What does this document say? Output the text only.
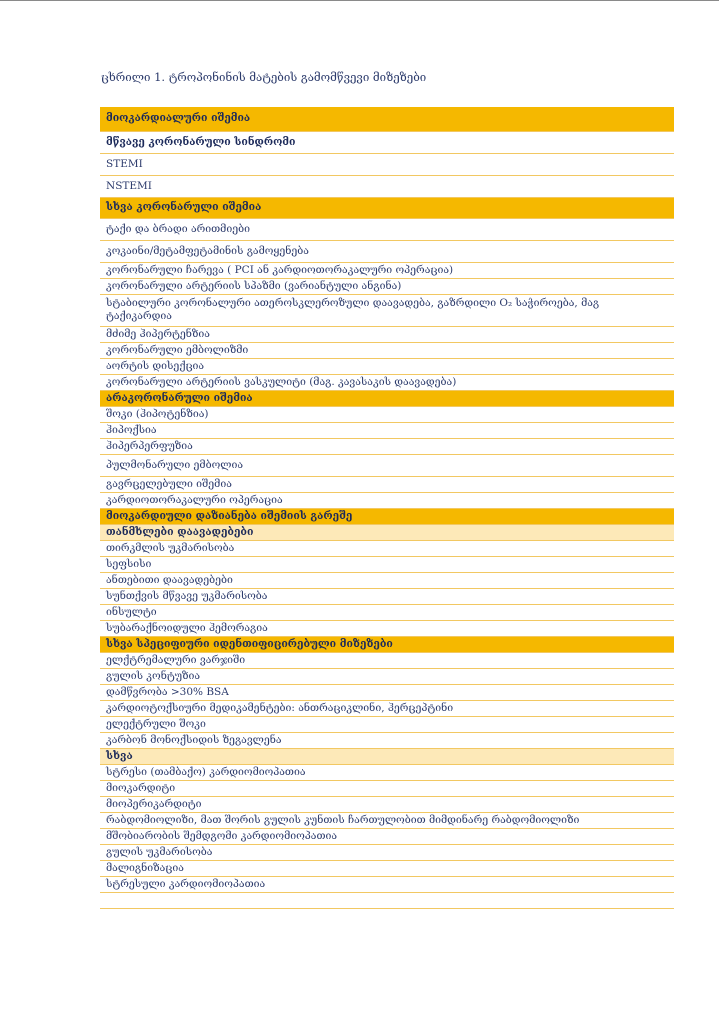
ცხრილი 1. ტროპონინის მატების გამომწვევი მიზეზები
მიოკარდიალური იშემია
მწვავე კორონარული სინდრომი
STEMI
NSTEMI
სხვა კორონარული იშემია
ტაქი და ბრადი არითმიები
კოკაინი/მეტამფეტამინის გამოყენება
კორონარული ჩარევა ( PCI ან კარდიოთორაკალური ოპერაცია)
კორონარული არტერიის სპაზმი (ვარიანტული ანგინა)
სტაბილური კორონალური ათეროსკლეროზული დაავადება, გაზრდილი O₂ საჭიროება, მაგ ტაქიკარდია
მძიმე ჰიპერტენზია
კორონარული ემბოლიზმი
აორტის დისექცია
კორონარული არტერიის ვასკულიტი (მაგ. კავასაკის დაავადება)
არაკორონარული იშემია
შოკი (ჰიპოტენზია)
ჰიპოქსია
ჰიპერპერფუზია
პულმონარული ემბოლია
გავრცელებული იშემია
კარდიოთორაკალური ოპერაცია
მიოკარდიული დაზიანება იშემიის გარეშე
თანმხლები დაავადებები
თირკმლის უკმარისობა
სეფსისი
ანთებითი დაავადებები
სუნთქვის მწვავე უკმარისობა
ინსულტი
სუბარაქნოიდული ჰემორაგია
სხვა სპეციფიური იდენთიფიცირებული მიზეზები
ელქტრემალური ვარჯიში
გულის კონტუზია
დამწვრობა >30% BSA
კარდიოტოქსიური მედიკამენტები: ანთრაციკლინი, ჰერცეპტინი
ელექტრული შოკი
კარბონ მონოქსიდის ზეგავლენა
სხვა
სტრესი (თამბაქო) კარდიომიოპათია
მიოკარდიტი
მიოპერიკარდიტი
რაბდომიოლიზი, მათ შორის გულის კუნთის ჩართულობით მიმდინარე რაბდომიოლიზი
მშობიარობის შემდგომი კარდიომიოპათია
გულის უკმარისობა
მალიგნიზაცია
სტრესული კარდიომიოპათია
